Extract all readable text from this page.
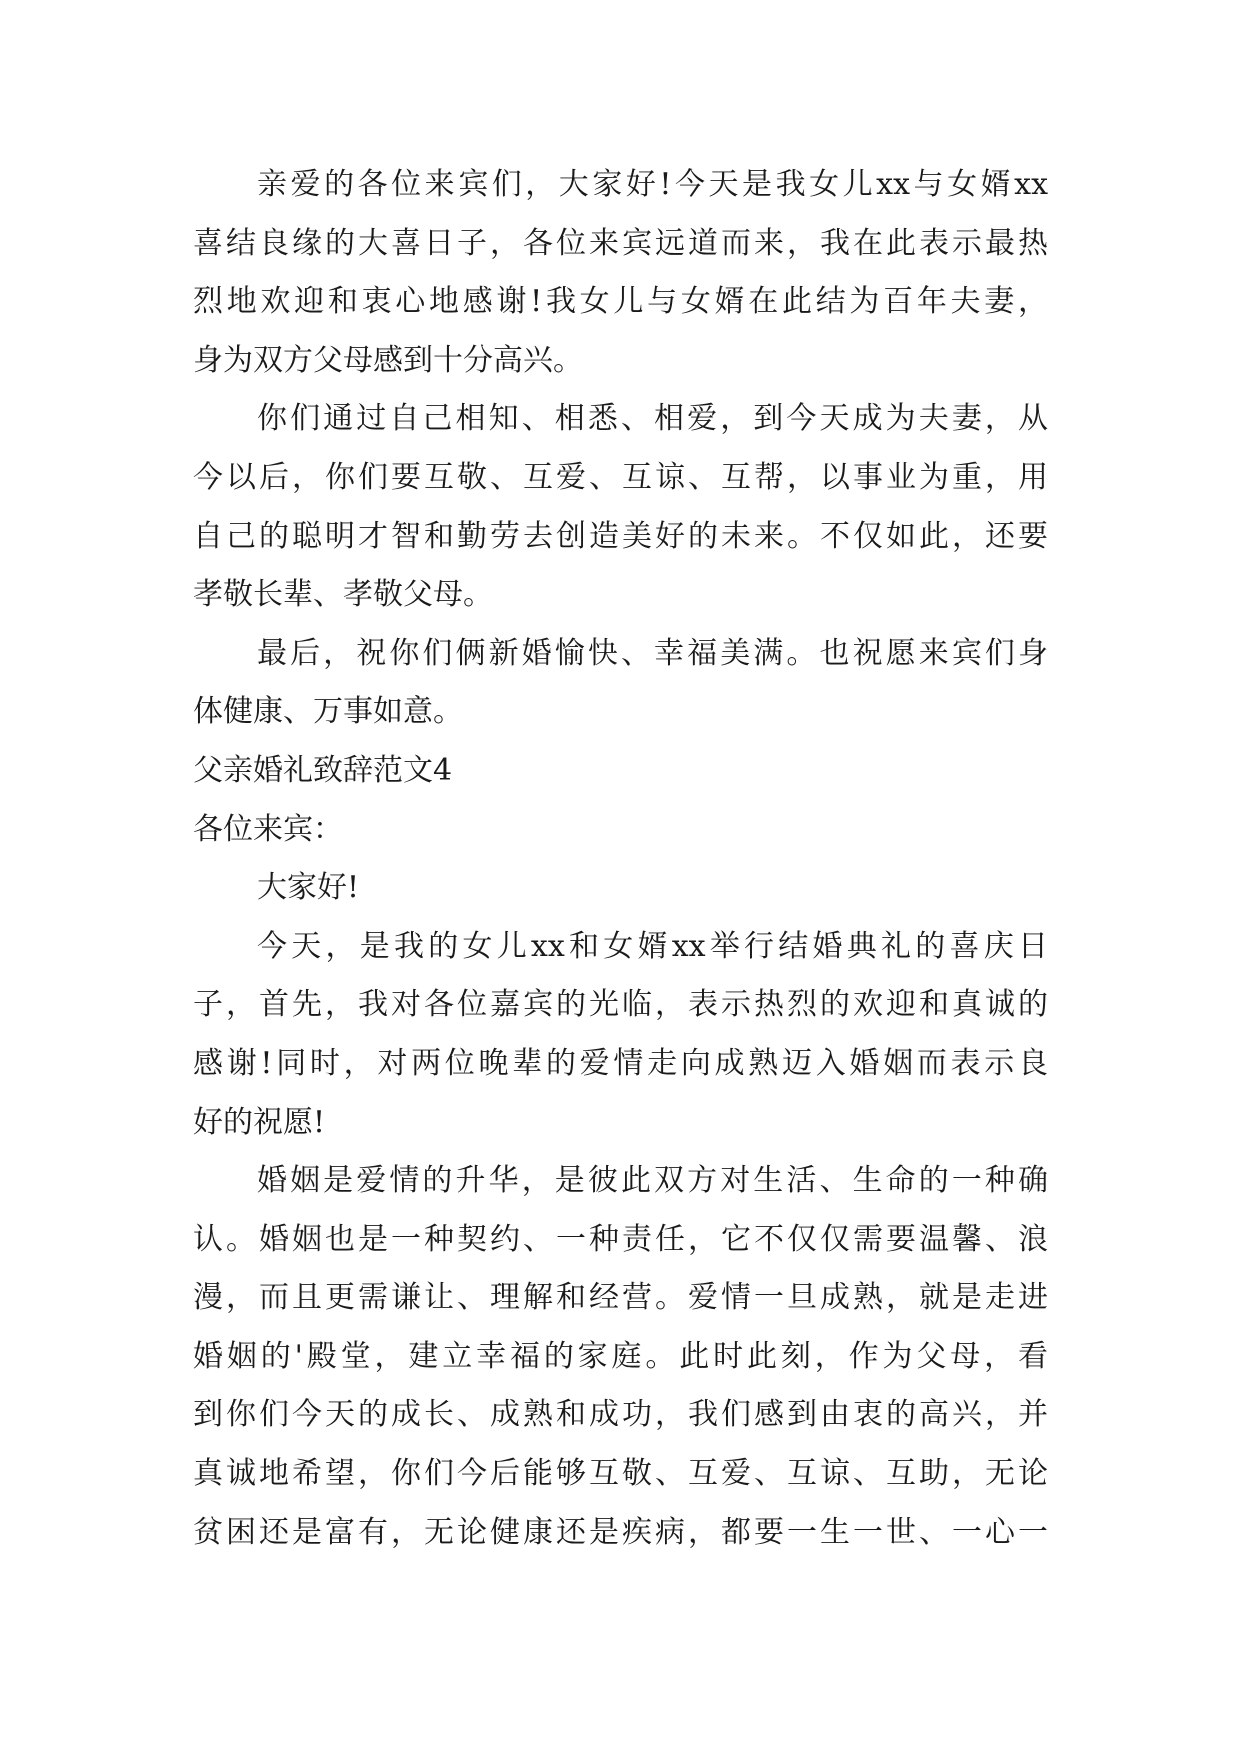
亲爱的各位来宾们，大家好!今天是我女儿xx与女婿xx
喜结良缘的大喜日子，各位来宾远道而来，我在此表示最热
烈地欢迎和衷心地感谢!我女儿与女婿在此结为百年夫妻，
身为双方父母感到十分高兴。
你们通过自己相知、相悉、相爱，到今天成为夫妻，从
今以后，你们要互敬、互爱、互谅、互帮，以事业为重，用
自己的聪明才智和勤劳去创造美好的未来。不仅如此，还要
孝敬长辈、孝敬父母。
最后，祝你们俩新婚愉快、幸福美满。也祝愿来宾们身
体健康、万事如意。
父亲婚礼致辞范文4
各位来宾：
大家好!
今天，是我的女儿xx和女婿xx举行结婚典礼的喜庆日
子，首先，我对各位嘉宾的光临，表示热烈的欢迎和真诚的
感谢!同时，对两位晚辈的爱情走向成熟迈入婚姻而表示良
好的祝愿!
婚姻是爱情的升华，是彼此双方对生活、生命的一种确
认。婚姻也是一种契约、一种责任，它不仅仅需要温馨、浪
漫，而且更需谦让、理解和经营。爱情一旦成熟，就是走进
婚姻的'殿堂，建立幸福的家庭。此时此刻，作为父母，看
到你们今天的成长、成熟和成功，我们感到由衷的高兴，并
真诚地希望，你们今后能够互敬、互爱、互谅、互助，无论
贫困还是富有，无论健康还是疾病，都要一生一世、一心一
